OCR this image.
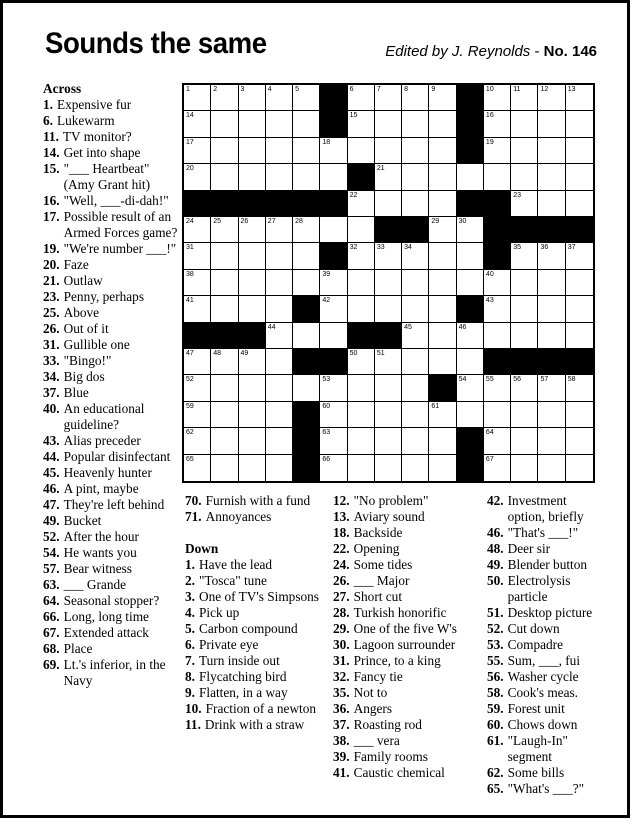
Sounds the same	Edited by J. Reynolds - No. 146
Across
1. Expensive fur
6. Lukewarm
11. TV monitor?
14. Get into shape
15. "___ Heartbeat" (Amy Grant hit)
16. "Well, ___-di-dah!"
17. Possible result of an Armed Forces game?
19. "We're number ___!"
20. Faze
21. Outlaw
23. Penny, perhaps
25. Above
26. Out of it
31. Gullible one
33. "Bingo!"
34. Big dos
37. Blue
40. An educational guideline?
43. Alias preceder
44. Popular disinfectant
45. Heavenly hunter
46. A pint, maybe
47. They're left behind
49. Bucket
52. After the hour
54. He wants you
57. Bear witness
63. ___ Grande
64. Seasonal stopper?
66. Long, long time
67. Extended attack
68. Place
69. Lt.'s inferior, in the Navy
1	2	3	4	5	6	7	8	9	10	11	12	13
14	15	16
17	18	19
20	21
22	23
24	25	26	27	28	29	30
31	32	33	34	35	36	37
38	39	40
41	42	43
44	45	46
47	48	49	50	51
52	53	54	55	56	57	58
59	60	61
62	63	64
65	66	67
70. Furnish with a fund
71. Annoyances
Down
1. Have the lead
2. "Tosca" tune
3. One of TV's Simpsons
4. Pick up
5. Carbon compound
6. Private eye
7. Turn inside out
8. Flycatching bird
9. Flatten, in a way
10. Fraction of a newton
11. Drink with a straw
12. "No problem"
13. Aviary sound
18. Backside
22. Opening
24. Some tides
26. ___ Major
27. Short cut
28. Turkish honorific
29. One of the five W's
30. Lagoon surrounder
31. Prince, to a king
32. Fancy tie
35. Not to
36. Angers
37. Roasting rod
38. ___ vera
39. Family rooms
41. Caustic chemical
42. Investment option, briefly
46. "That's ___!"
48. Deer sir
49. Blender button
50. Electrolysis particle
51. Desktop picture
52. Cut down
53. Compadre
55. Sum, ___, fui
56. Washer cycle
58. Cook's meas.
59. Forest unit
60. Chows down
61. "Laugh-In" segment
62. Some bills
65. "What's ___?"
